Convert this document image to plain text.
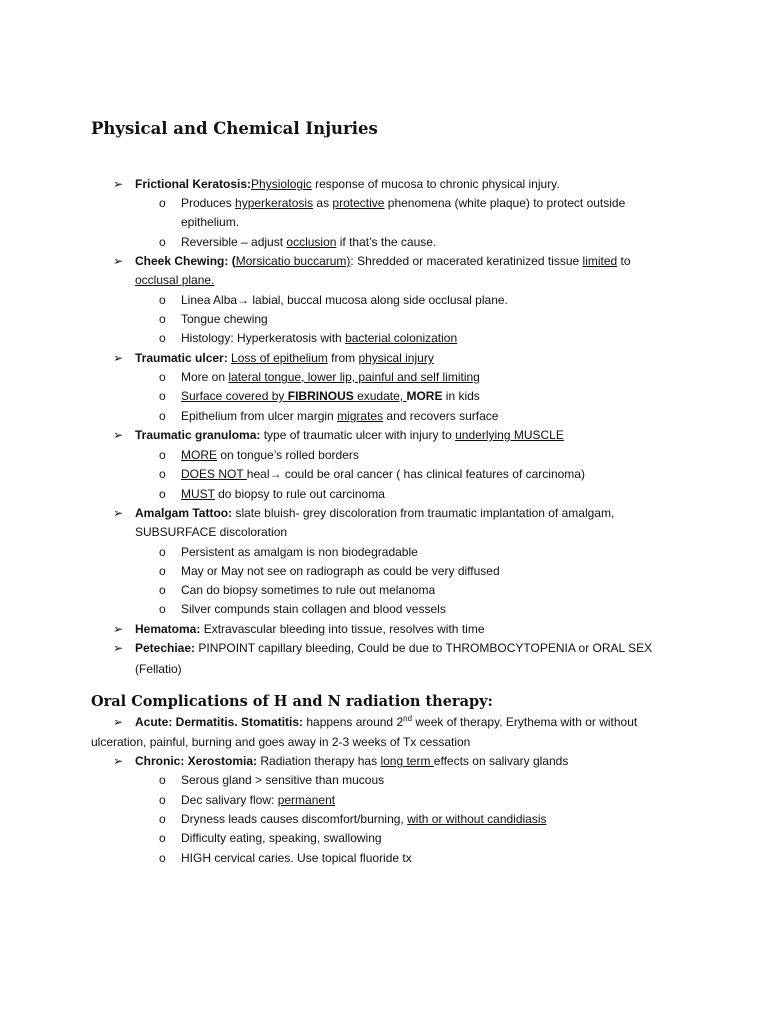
Physical and Chemical Injuries
➢ Frictional Keratosis:Physiologic response of mucosa to chronic physical injury.
o Produces hyperkeratosis as protective phenomena (white plaque) to protect outside
epithelium.
o Reversible – adjust occlusion if that’s the cause.
➢ Cheek Chewing: (Morsicatio buccarum): Shredded or macerated keratinized tissue limited to
occlusal plane.
o Linea Alba→ labial, buccal mucosa along side occlusal plane.
o Tongue chewing
o Histology: Hyperkeratosis with bacterial colonization
➢ Traumatic ulcer: Loss of epithelium from physical injury
o More on lateral tongue, lower lip, painful and self limiting
o Surface covered by FIBRINOUS exudate, MORE in kids
o Epithelium from ulcer margin migrates and recovers surface
➢ Traumatic granuloma: type of traumatic ulcer with injury to underlying MUSCLE
o MORE on tongue’s rolled borders
o DOES NOT heal→ could be oral cancer ( has clinical features of carcinoma)
o MUST do biopsy to rule out carcinoma
➢ Amalgam Tattoo: slate bluish- grey discoloration from traumatic implantation of amalgam,
SUBSURFACE discoloration
o Persistent as amalgam is non biodegradable
o May or May not see on radiograph as could be very diffused
o Can do biopsy sometimes to rule out melanoma
o Silver compunds stain collagen and blood vessels
➢ Hematoma: Extravascular bleeding into tissue, resolves with time
➢ Petechiae: PINPOINT capillary bleeding, Could be due to THROMBOCYTOPENIA or ORAL SEX
(Fellatio)
Oral Complications of H and N radiation therapy:
➢ Acute: Dermatitis. Stomatitis: happens around 2nd week of therapy. Erythema with or without
ulceration, painful, burning and goes away in 2-3 weeks of Tx cessation
➢ Chronic: Xerostomia: Radiation therapy has long term effects on salivary glands
o Serous gland > sensitive than mucous
o Dec salivary flow: permanent
o Dryness leads causes discomfort/burning, with or without candidiasis
o Difficulty eating, speaking, swallowing
o HIGH cervical caries. Use topical fluoride tx
